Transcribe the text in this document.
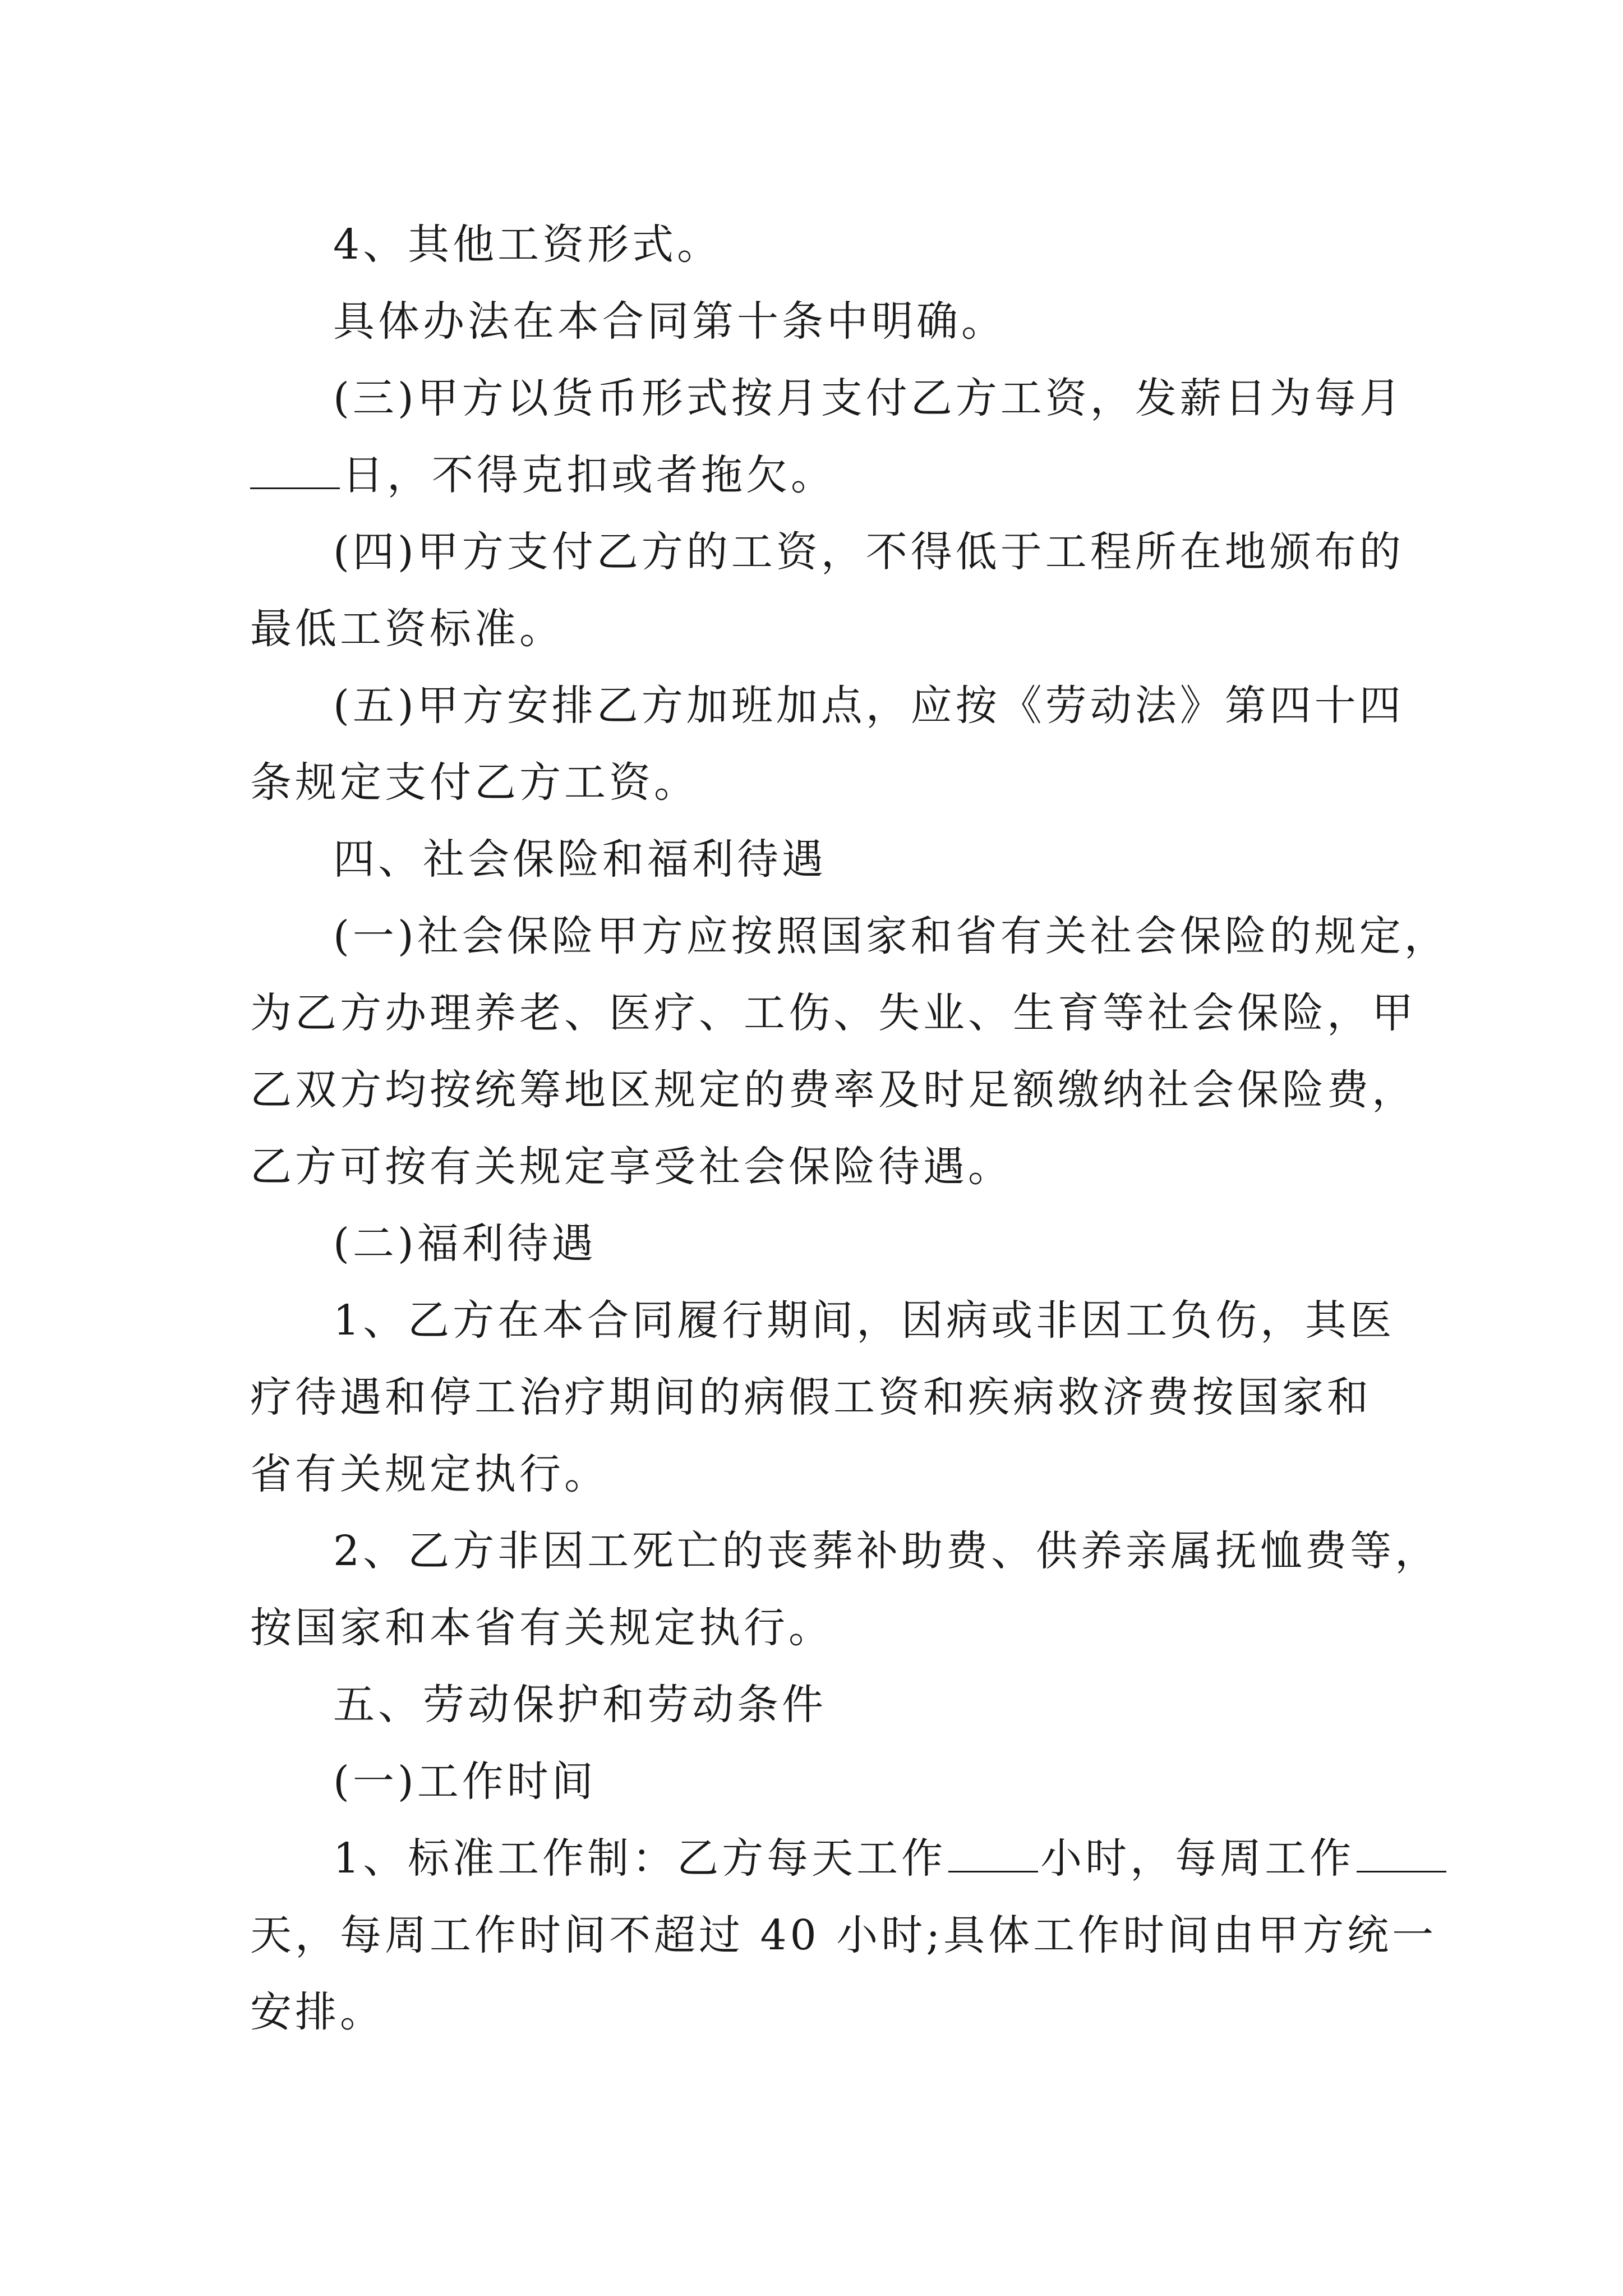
4、其他工资形式。

具体办法在本合同第十条中明确。

(三)甲方以货币形式按月支付乙方工资，发薪日为每月
日，不得克扣或者拖欠。

(四)甲方支付乙方的工资，不得低于工程所在地颁布的
最低工资标准。

(五)甲方安排乙方加班加点，应按《劳动法》第四十四
条规定支付乙方工资。

四、社会保险和福利待遇

(一)社会保险甲方应按照国家和省有关社会保险的规定，
为乙方办理养老、医疗、工伤、失业、生育等社会保险，甲
乙双方均按统筹地区规定的费率及时足额缴纳社会保险费，
乙方可按有关规定享受社会保险待遇。

(二)福利待遇

1、乙方在本合同履行期间，因病或非因工负伤，其医
疗待遇和停工治疗期间的病假工资和疾病救济费按国家和
省有关规定执行。

2、乙方非因工死亡的丧葬补助费、供养亲属抚恤费等，
按国家和本省有关规定执行。

五、劳动保护和劳动条件

(一)工作时间

1、标准工作制：乙方每天工作 小时，每周工作
天，每周工作时间不超过 40 小时;具体工作时间由甲方统一
安排。
